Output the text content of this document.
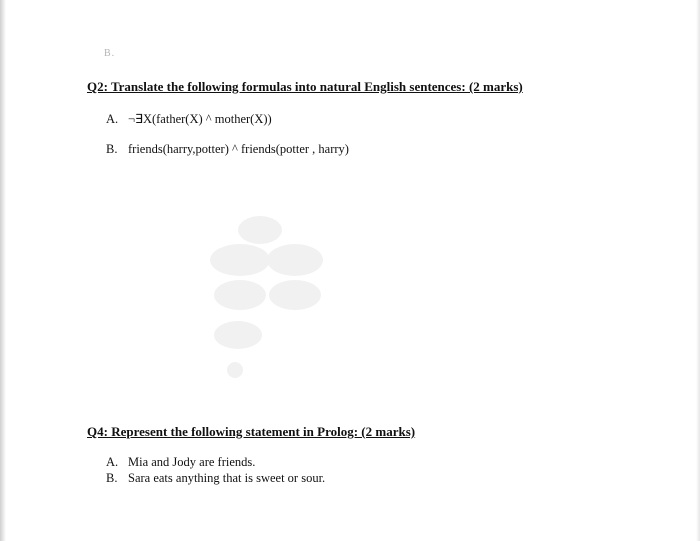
B.
Q2: Translate the following formulas into natural English sentences: (2 marks)
A. ¬∃X(father(X) ^ mother(X))
B. friends(harry,potter) ^ friends(potter , harry)
Q4: Represent the following statement in Prolog: (2 marks)
A. Mia and Jody are friends.
B. Sara eats anything that is sweet or sour.
